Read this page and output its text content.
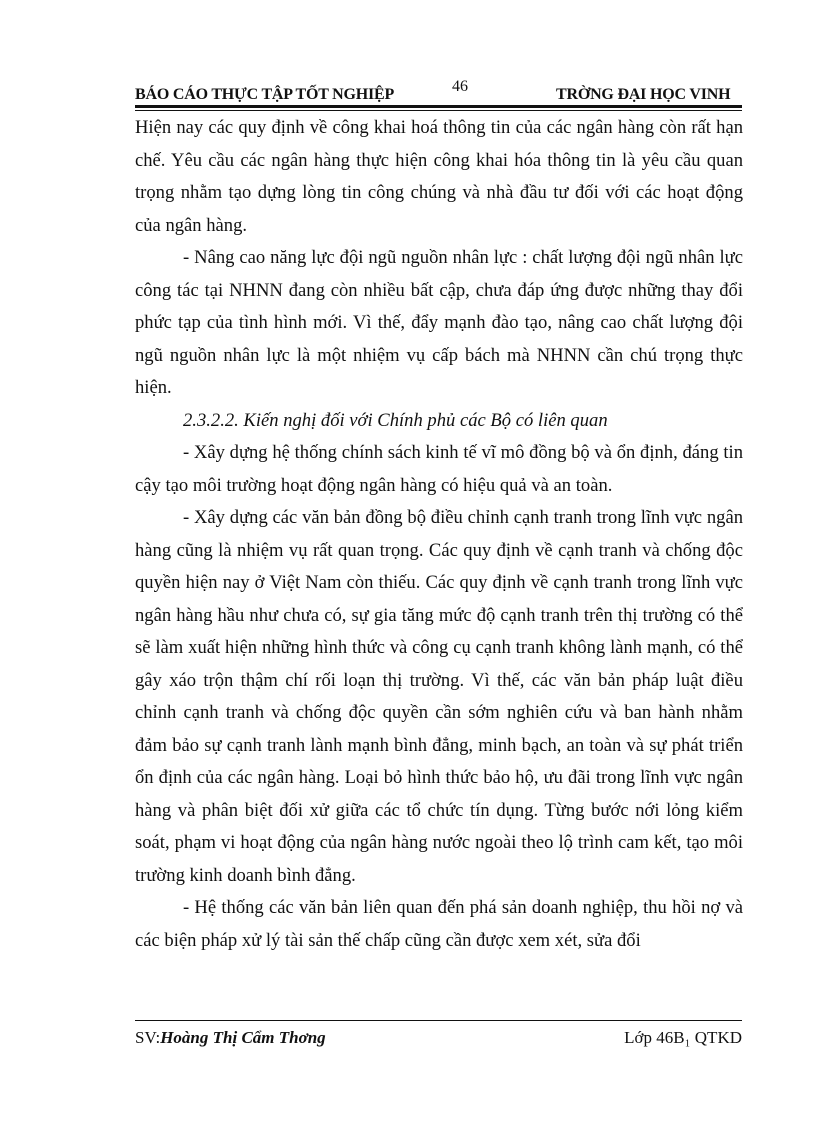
46
BÁO CÁO THỰC TẬP TỐT NGHIỆP	TRỜNG ĐẠI HỌC VINH

Hiện nay các quy định về công khai hoá thông tin của các ngân hàng còn rất hạn chế. Yêu cầu các ngân hàng thực hiện công khai hóa thông tin là yêu cầu quan trọng nhằm tạo dựng lòng tin công chúng và nhà đầu tư đối với các hoạt động của ngân hàng.

- Nâng cao năng lực đội ngũ nguồn nhân lực : chất lượng đội ngũ nhân lực công tác tại NHNN đang còn nhiều bất cập, chưa đáp ứng được những thay đổi phức tạp của tình hình mới. Vì thế, đẩy mạnh đào tạo, nâng cao chất lượng đội ngũ nguồn nhân lực là một nhiệm vụ cấp bách mà NHNN cần chú trọng thực hiện.

2.3.2.2. Kiến nghị đối với Chính phủ các Bộ có liên quan

- Xây dựng hệ thống chính sách kinh tế vĩ mô đồng bộ và ổn định, đáng tin cậy tạo môi trường hoạt động ngân hàng có hiệu quả và an toàn.

- Xây dựng các văn bản đồng bộ điều chỉnh cạnh tranh trong lĩnh vực ngân hàng cũng là nhiệm vụ rất quan trọng. Các quy định về cạnh tranh và chống độc quyền hiện nay ở Việt Nam còn thiếu. Các quy định về cạnh tranh trong lĩnh vực ngân hàng hầu như chưa có, sự gia tăng mức độ cạnh tranh trên thị trường có thể sẽ làm xuất hiện những hình thức và công cụ cạnh tranh không lành mạnh, có thể gây xáo trộn thậm chí rối loạn thị trường. Vì thế, các văn bản pháp luật điều chỉnh cạnh tranh và chống độc quyền cần sớm nghiên cứu và ban hành nhằm đảm bảo sự cạnh tranh lành mạnh bình đẳng, minh bạch, an toàn và sự phát triển ổn định của các ngân hàng. Loại bỏ hình thức bảo hộ, ưu đãi trong lĩnh vực ngân hàng và phân biệt đối xử giữa các tổ chức tín dụng. Từng bước nới lỏng kiểm soát, phạm vi hoạt động của ngân hàng nước ngoài theo lộ trình cam kết, tạo môi trường kinh doanh bình đẳng.

- Hệ thống các văn bản liên quan đến phá sản doanh nghiệp, thu hồi nợ và các biện pháp xử lý tài sản thế chấp cũng cần được xem xét, sửa đổi

SV:Hoàng Thị Cẩm Thơng	Lớp 46B₁ QTKD
